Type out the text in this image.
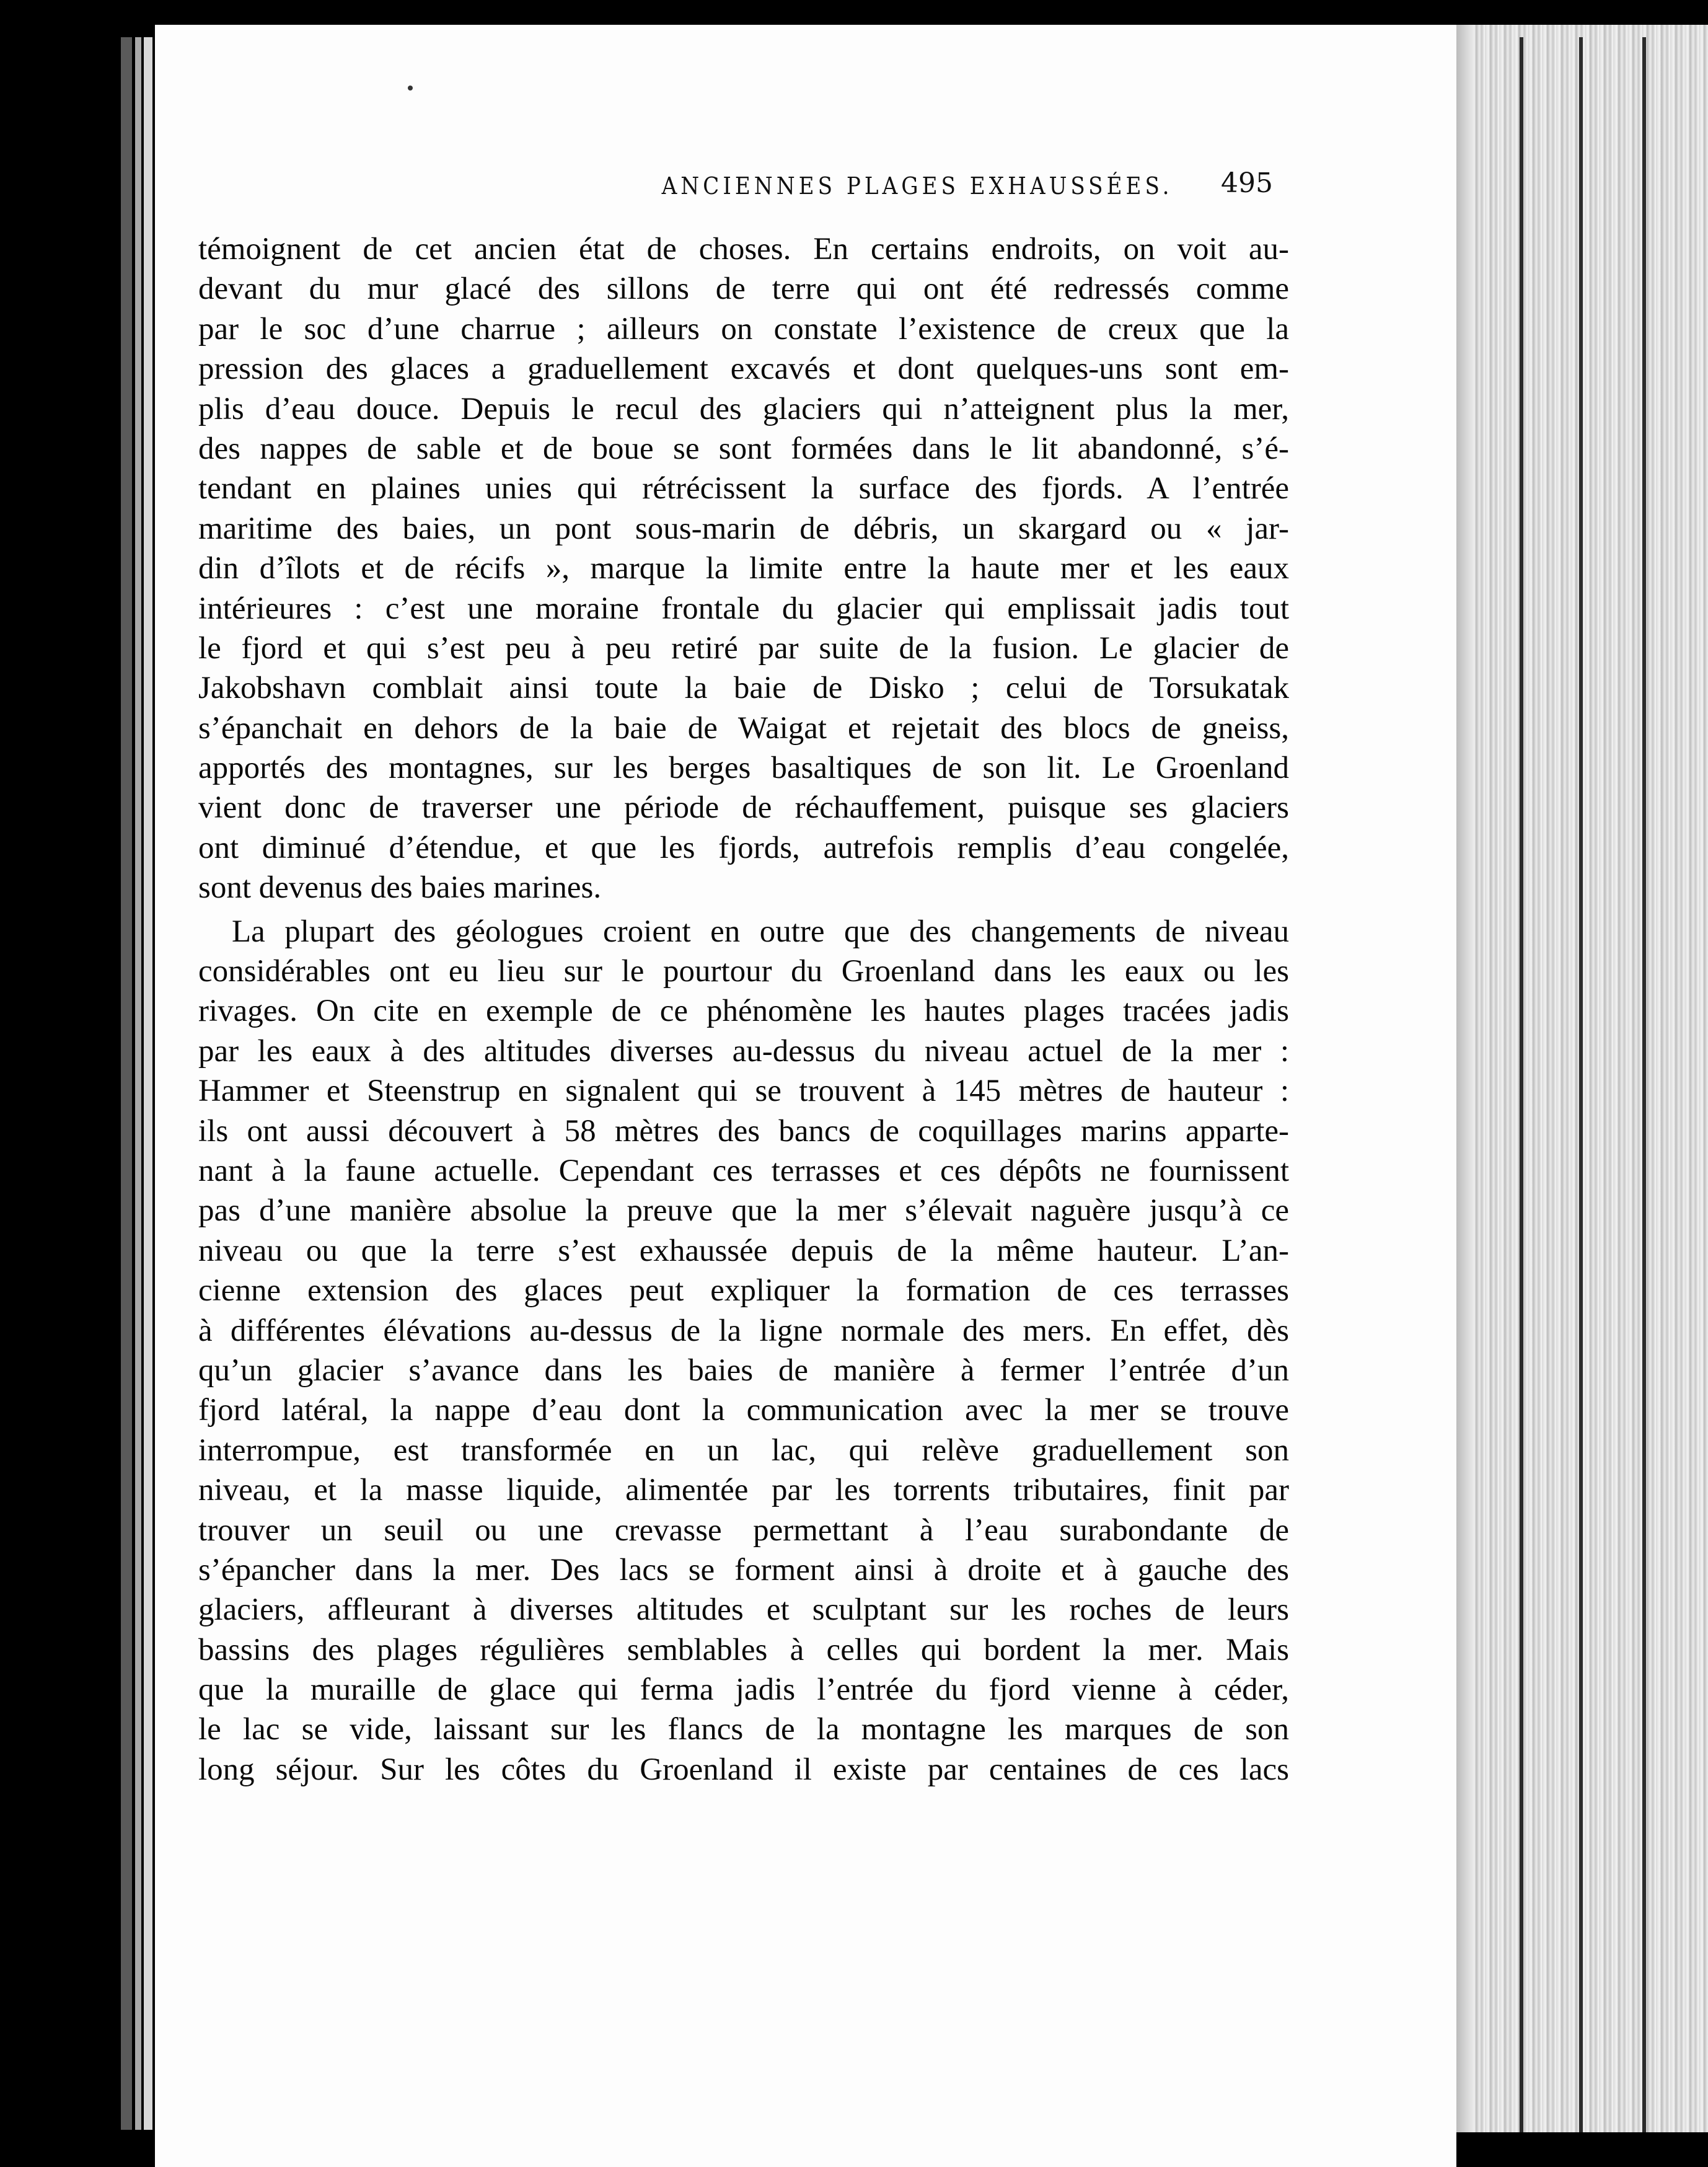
ANCIENNES PLAGES EXHAUSSÉES.	495
témoignent de cet ancien état de choses. En certains endroits, on voit au-
devant du mur glacé des sillons de terre qui ont été redressés comme
par le soc d’une charrue ; ailleurs on constate l’existence de creux que la
pression des glaces a graduellement excavés et dont quelques-uns sont em-
plis d’eau douce. Depuis le recul des glaciers qui n’atteignent plus la mer,
des nappes de sable et de boue se sont formées dans le lit abandonné, s’é-
tendant en plaines unies qui rétrécissent la surface des fjords. A l’entrée
maritime des baies, un pont sous-marin de débris, un skargard ou « jar-
din d’îlots et de récifs », marque la limite entre la haute mer et les eaux
intérieures : c’est une moraine frontale du glacier qui emplissait jadis tout
le fjord et qui s’est peu à peu retiré par suite de la fusion. Le glacier de
Jakobshavn comblait ainsi toute la baie de Disko ; celui de Torsukatak
s’épanchait en dehors de la baie de Waigat et rejetait des blocs de gneiss,
apportés des montagnes, sur les berges basaltiques de son lit. Le Groenland
vient donc de traverser une période de réchauffement, puisque ses glaciers
ont diminué d’étendue, et que les fjords, autrefois remplis d’eau congelée,
sont devenus des baies marines.
La plupart des géologues croient en outre que des changements de niveau
considérables ont eu lieu sur le pourtour du Groenland dans les eaux ou les
rivages. On cite en exemple de ce phénomène les hautes plages tracées jadis
par les eaux à des altitudes diverses au-dessus du niveau actuel de la mer :
Hammer et Steenstrup en signalent qui se trouvent à 145 mètres de hauteur :
ils ont aussi découvert à 58 mètres des bancs de coquillages marins apparte-
nant à la faune actuelle. Cependant ces terrasses et ces dépôts ne fournissent
pas d’une manière absolue la preuve que la mer s’élevait naguère jusqu’à ce
niveau ou que la terre s’est exhaussée depuis de la même hauteur. L’an-
cienne extension des glaces peut expliquer la formation de ces terrasses
à différentes élévations au-dessus de la ligne normale des mers. En effet, dès
qu’un glacier s’avance dans les baies de manière à fermer l’entrée d’un
fjord latéral, la nappe d’eau dont la communication avec la mer se trouve
interrompue, est transformée en un lac, qui relève graduellement son
niveau, et la masse liquide, alimentée par les torrents tributaires, finit par
trouver un seuil ou une crevasse permettant à l’eau surabondante de
s’épancher dans la mer. Des lacs se forment ainsi à droite et à gauche des
glaciers, affleurant à diverses altitudes et sculptant sur les roches de leurs
bassins des plages régulières semblables à celles qui bordent la mer. Mais
que la muraille de glace qui ferma jadis l’entrée du fjord vienne à céder,
le lac se vide, laissant sur les flancs de la montagne les marques de son
long séjour. Sur les côtes du Groenland il existe par centaines de ces lacs
